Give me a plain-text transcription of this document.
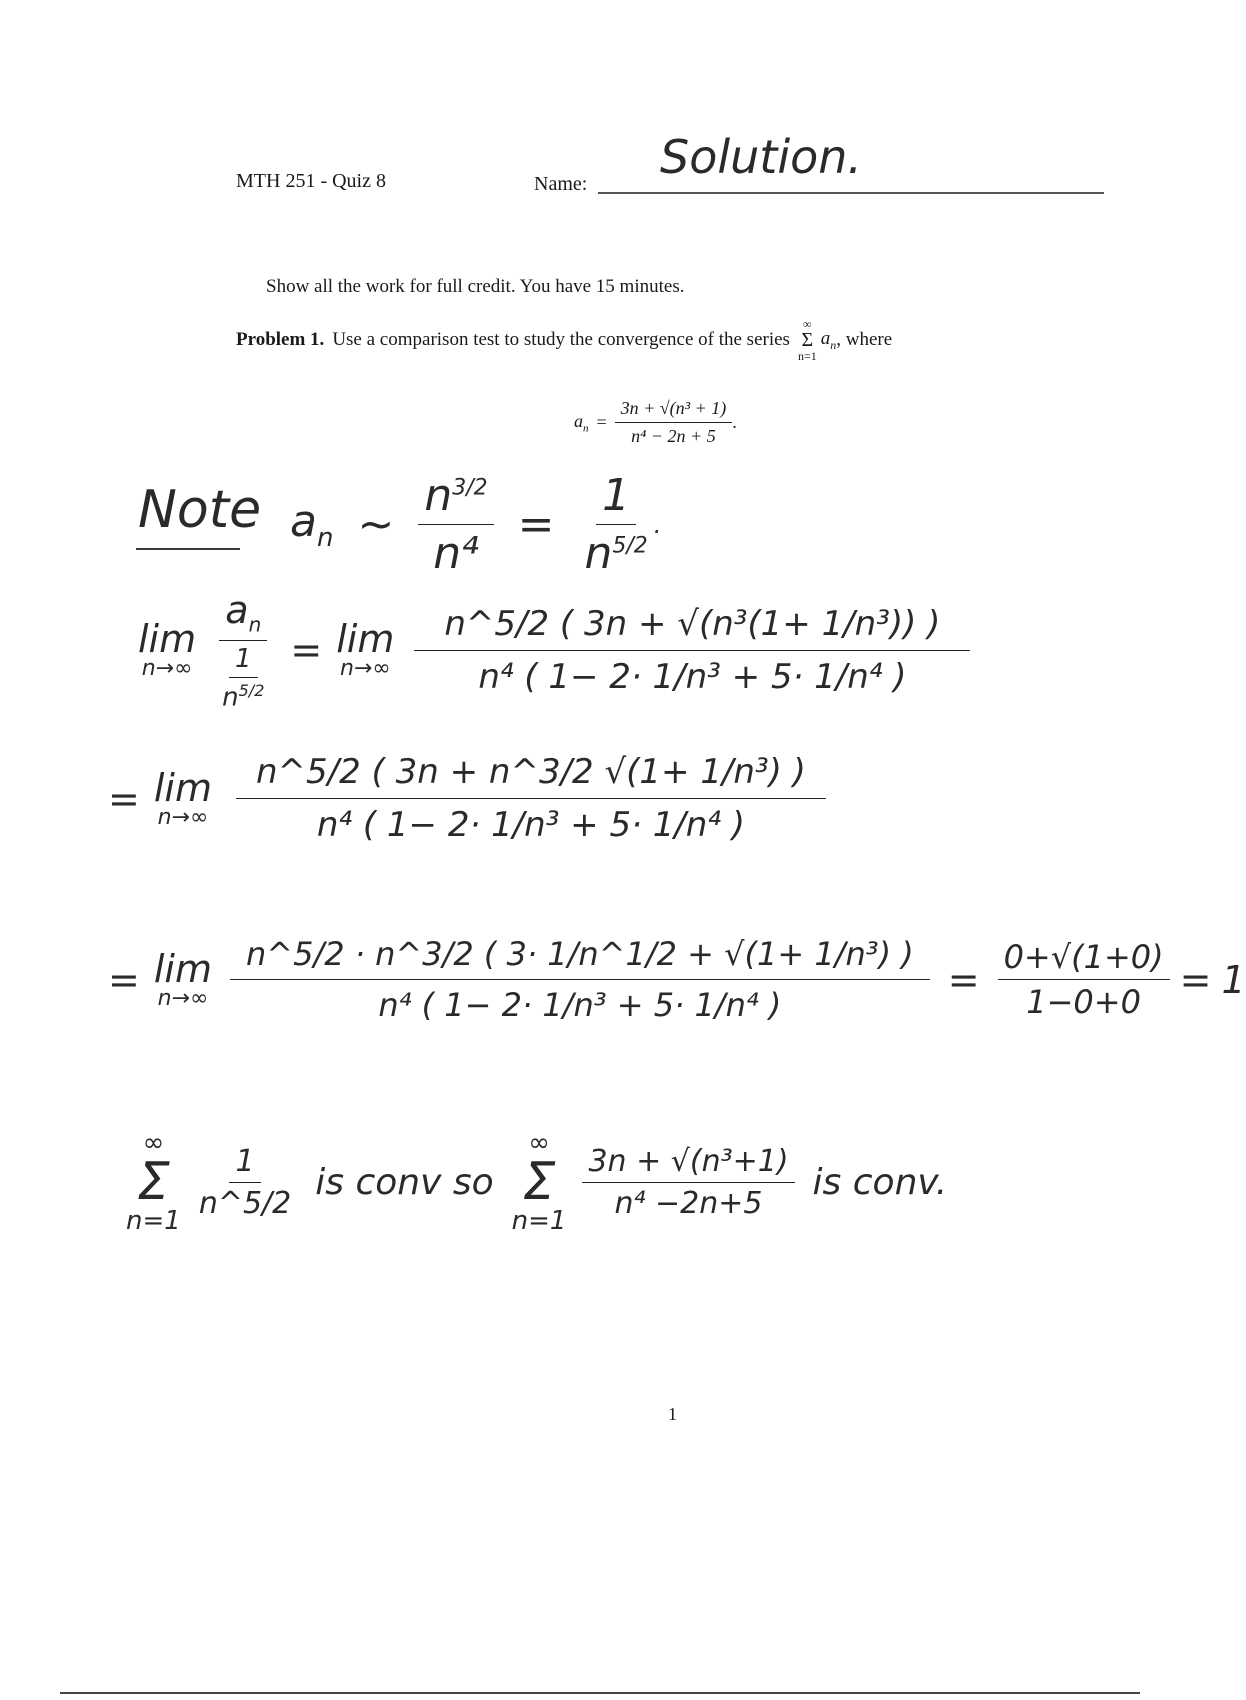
MTH 251 - Quiz 8	Name: Solution.
Show all the work for full credit. You have 15 minutes.
Problem 1. Use a comparison test to study the convergence of the series
∞
Σ
n=1
$a_n$ , where
$a_n = \frac{\text{3n + √(n³ + 1)}}{\text{n⁴ − 2n + 5}}$ .
Note $a_n$ ~ $\frac{n^{3/2}}{\text{n⁴}} = \frac{1}{n^{5/2}}$ .
lim
$n\to\infty \frac{a_n}{\frac{1}{n^{5/2}}} = \lim$
$n\to\infty \frac{\text{n\textasciicircum{}5/2 ( 3n + √(n³(1+ 1/n³)) )}}{\text{n⁴ ( 1− 2· 1/n³ + 5· 1/n⁴ )}}$
= lim
$n\to\infty \frac{\text{n\textasciicircum{}5/2 ( 3n + n\textasciicircum{}3/2 √(1+ 1/n³) )}}{\text{n⁴ ( 1− 2· 1/n³ + 5· 1/n⁴ )}}$
= lim
$n\to\infty \frac{\text{n\textasciicircum{}5/2 · n\textasciicircum{}3/2 ( 3· 1/n\textasciicircum{}1/2 + √(1+ 1/n³) )}}{\text{n⁴ ( 1− 2· 1/n³ + 5· 1/n⁴ )}} = \frac{0+√(1+0)}{1-0+0} = 1$
∞
Σ
n=1
$\frac{1}{n\^{}5/2}$ is conv so
∞
Σ
n=1
$\frac{\text{3n + √(n³+1)}}{\text{n⁴ −2n+5}}$ is conv.
1
